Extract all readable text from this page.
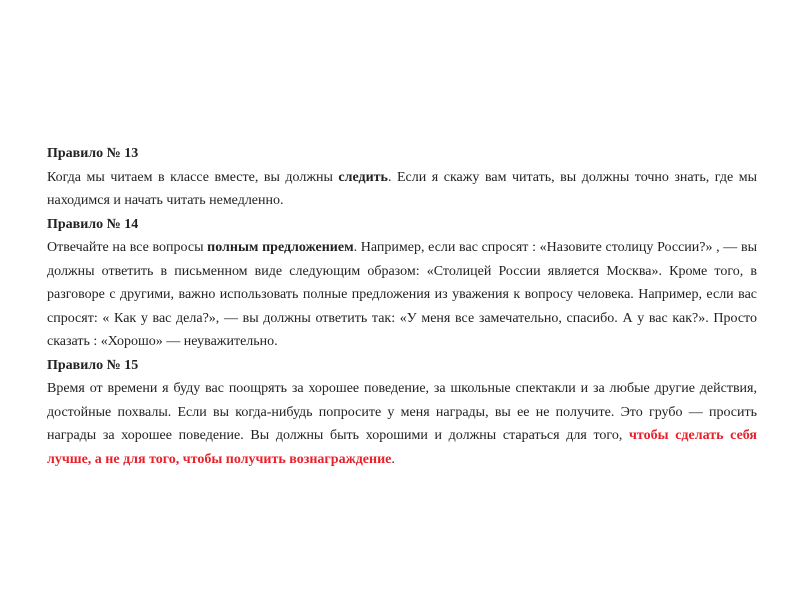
Правило № 13

Когда мы читаем в классе вместе, вы должны следить. Если я скажу вам читать, вы должны точно знать, где мы находимся и начать читать немедленно.

Правило № 14

Отвечайте на все вопросы полным предложением. Например, если вас спросят : «Назовите столицу России?» , — вы должны ответить в письменном виде следующим образом: «Столицей России является Москва». Кроме того, в разговоре с другими, важно использовать полные предложения из уважения к вопросу человека. Например, если вас спросят: « Как у вас дела?», — вы должны ответить так: «У меня все замечательно, спасибо. А у вас как?». Просто сказать : «Хорошо» — неуважительно.

Правило № 15

Время от времени я буду вас поощрять за хорошее поведение, за школьные спектакли и за любые другие действия, достойные похвалы. Если вы когда-нибудь попросите у меня награды, вы ее не получите. Это грубо — просить награды за хорошее поведение. Вы должны быть хорошими и должны стараться для того, чтобы сделать себя лучше, а не для того, чтобы получить вознаграждение.
